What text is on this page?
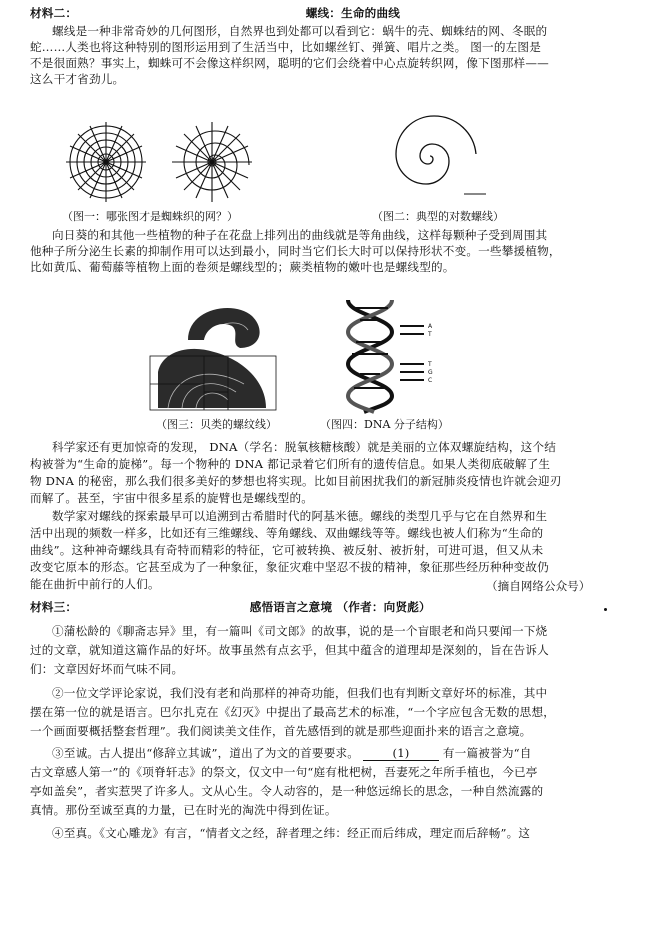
材料二：	螺线：生命的曲线
螺线是一种非常奇妙的几何图形，自然界也到处都可以看到它：蜗牛的壳、蜘蛛结的网、冬眠的
蛇……人类也将这种特别的图形运用到了生活当中，比如螺丝钉、弹簧、唱片之类。 图一的左图是
不是很面熟？事实上，蜘蛛可不会像这样织网，聪明的它们会绕着中心点旋转织网，像下图那样——
这么干才省劲儿。
（图一：哪张图才是蜘蛛织的网？）	（图二：典型的对数螺线）
向日葵的和其他一些植物的种子在花盘上排列出的曲线就是等角曲线，这样每颗种子受到周围其
他种子所分泌生长素的抑制作用可以达到最小，同时当它们长大时可以保持形状不变。一些攀援植物，
比如黄瓜、葡萄藤等植物上面的卷须是螺线型的；蕨类植物的嫩叶也是螺线型的。
A
T
T
G
C
（图三：贝类的螺纹线）	（图四：DNA 分子结构）
科学家还有更加惊奇的发现， DNA（学名：脱氧核糖核酸）就是美丽的立体双螺旋结构，这个结
构被誉为“生命的旋梯”。每一个物种的 DNA 都记录着它们所有的遗传信息。如果人类彻底破解了生
物 DNA 的秘密，那么我们很多美好的梦想也将实现。比如目前困扰我们的新冠肺炎疫情也许就会迎刃
而解了。甚至，宇宙中很多星系的旋臂也是螺线型的。
数学家对螺线的探索最早可以追溯到古希腊时代的阿基米德。螺线的类型几乎与它在自然界和生
活中出现的频数一样多，比如还有三维螺线、等角螺线、双曲螺线等等。螺线也被人们称为“生命的
曲线”。这种神奇螺线具有奇特而精彩的特征，它可被转换、被反射、被折射，可进可退，但又从未
改变它原本的形态。它甚至成为了一种象征，象征灾难中坚忍不拔的精神，象征那些经历种种变故仍
能在曲折中前行的人们。	（摘自网络公众号）
材料三：	感悟语言之意境 （作者：向贤彪）
①蒲松龄的《聊斋志异》里，有一篇叫《司文郎》的故事，说的是一个盲眼老和尚只要闻一下烧
过的文章，就知道这篇作品的好坏。故事虽然有点玄乎，但其中蕴含的道理却是深刻的，旨在告诉人
们：文章因好坏而气味不同。
②一位文学评论家说，我们没有老和尚那样的神奇功能，但我们也有判断文章好坏的标准，其中
摆在第一位的就是语言。巴尔扎克在《幻灭》中提出了最高艺术的标准，“一个字应包含无数的思想，
一个画面要概括整套哲理”。我们阅读美文佳作，首先感悟到的就是那些迎面扑来的语言之意境。
③至诚。古人提出“修辞立其诚”，道出了为文的首要要求。	(1)	有一篇被誉为“自
古文章感人第一”的《项脊轩志》的祭文，仅文中一句“庭有枇杷树，吾妻死之年所手植也，今已亭
亭如盖矣”，者实惹哭了许多人。文从心生。令人动容的，是一种悠远绵长的思念，一种自然流露的
真情。那份至诚至真的力量，已在时光的淘洗中得到佐证。
④至真。《文心雕龙》有言，“情者文之经，辞者理之纬：经正而后纬成，理定而后辞畅”。这
